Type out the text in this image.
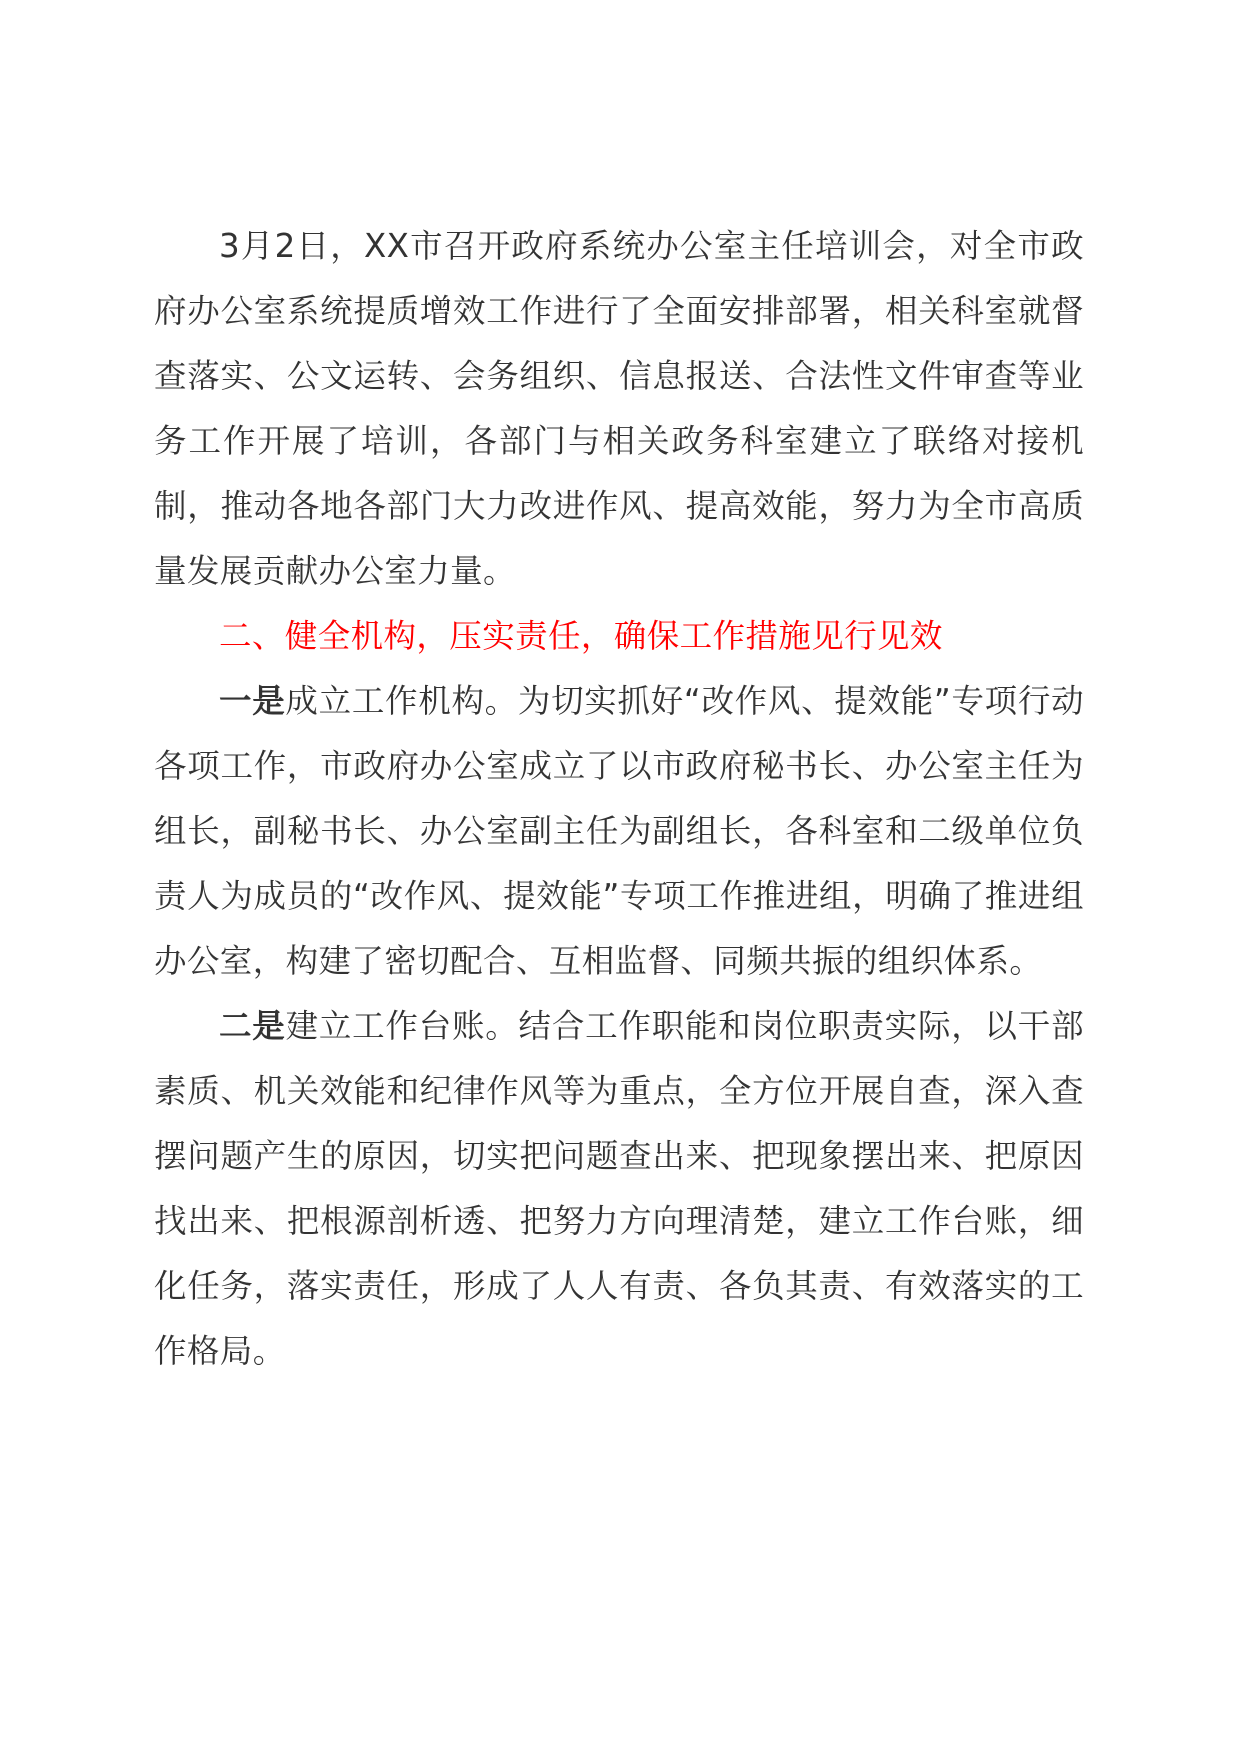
3月2日，XX市召开政府系统办公室主任培训会，对全市政府办公室系统提质增效工作进行了全面安排部署，相关科室就督查落实、公文运转、会务组织、信息报送、合法性文件审查等业务工作开展了培训，各部门与相关政务科室建立了联络对接机制，推动各地各部门大力改进作风、提高效能，努力为全市高质量发展贡献办公室力量。

二、健全机构，压实责任，确保工作措施见行见效

一是成立工作机构。为切实抓好“改作风、提效能”专项行动各项工作，市政府办公室成立了以市政府秘书长、办公室主任为组长，副秘书长、办公室副主任为副组长，各科室和二级单位负责人为成员的“改作风、提效能”专项工作推进组，明确了推进组办公室，构建了密切配合、互相监督、同频共振的组织体系。

二是建立工作台账。结合工作职能和岗位职责实际，以干部素质、机关效能和纪律作风等为重点，全方位开展自查，深入查摆问题产生的原因，切实把问题查出来、把现象摆出来、把原因找出来、把根源剖析透、把努力方向理清楚，建立工作台账，细化任务，落实责任，形成了人人有责、各负其责、有效落实的工作格局。
